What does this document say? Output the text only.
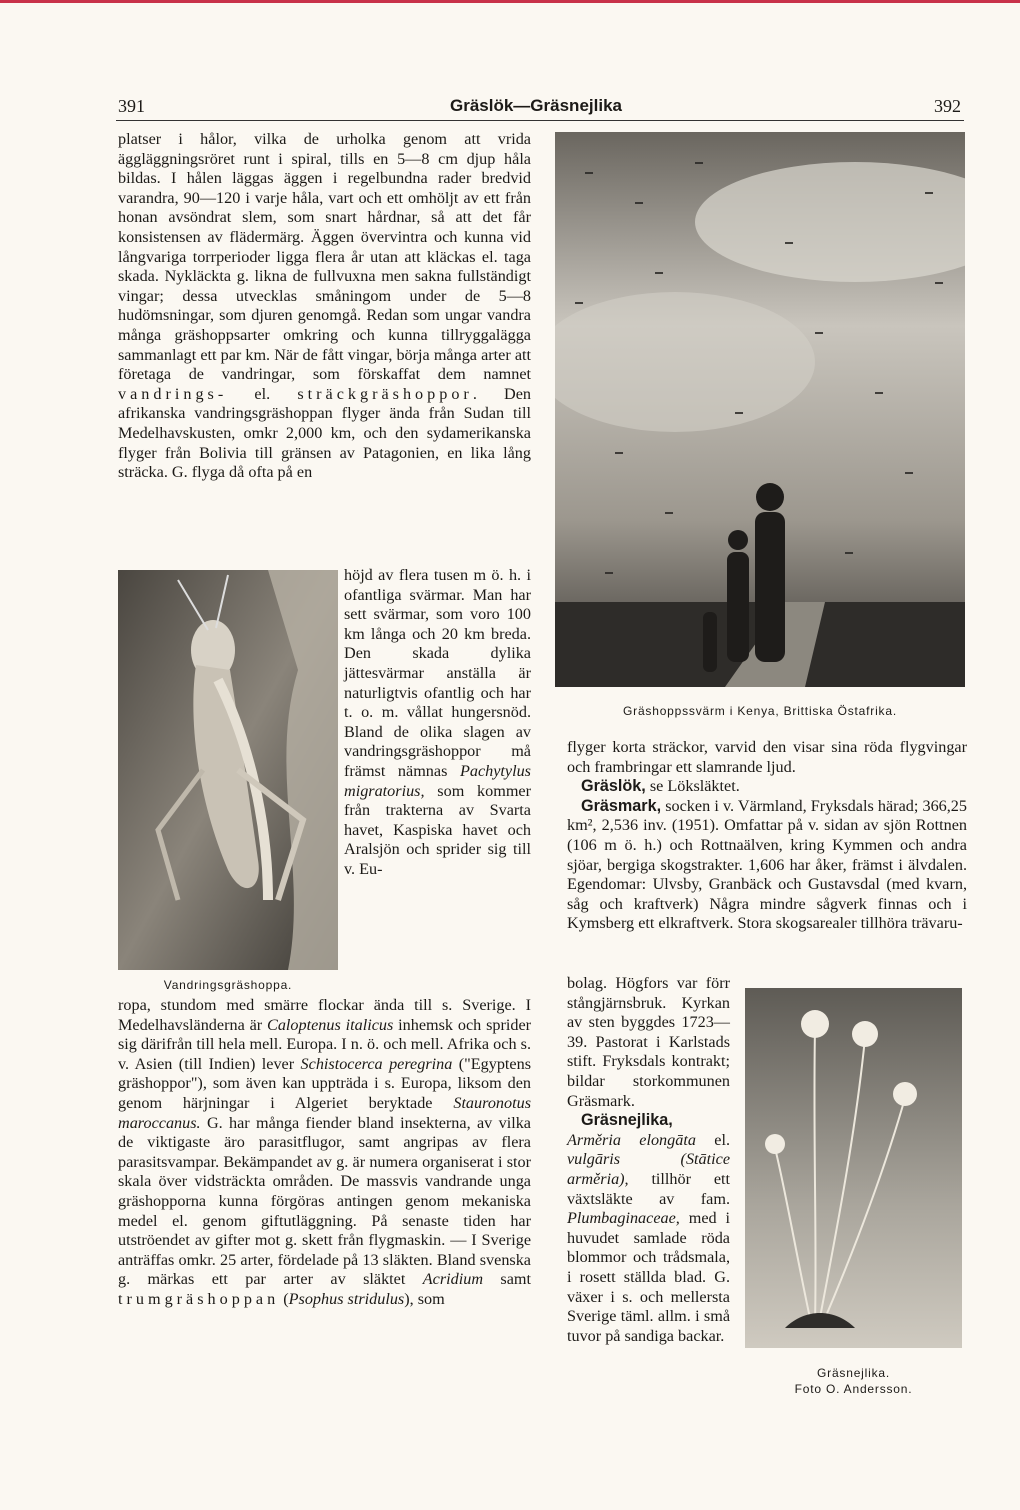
391	Gräslök—Gräsnejlika	392

platser i hålor, vilka de urholka genom att vrida äggläggningsröret runt i spiral, tills en 5—8 cm djup håla bildas. I hålen läggas äggen i regelbundna rader bredvid varandra, 90—120 i varje håla, vart och ett omhöljt av ett från honan avsöndrat slem, som snart hårdnar, så att det får konsistensen av flädermärg. Äggen övervintra och kunna vid långvariga torrperioder ligga flera år utan att kläckas el. taga skada. Nykläckta g. likna de fullvuxna men sakna fullständigt vingar; dessa utvecklas småningom under de 5—8 hudömsningar, som djuren genomgå. Redan som ungar vandra många gräshoppsarter omkring och kunna tillryggalägga sammanlagt ett par km. När de fått vingar, börja många arter att företaga de vandringar, som förskaffat dem namnet vandrings- el. sträckgräshoppor. Den afrikanska vandringsgräshoppan flyger ända från Sudan till Medelhavskusten, omkr 2,000 km, och den sydamerikanska flyger från Bolivia till gränsen av Patagonien, en lika lång sträcka. G. flyga då ofta på en

Vandringsgräshoppa.

höjd av flera tusen m ö. h. i ofantliga svärmar. Man har sett svärmar, som voro 100 km långa och 20 km breda. Den skada dylika jättesvärmar anställa är naturligtvis ofantlig och har t. o. m. vållat hungersnöd. Bland de olika slagen av vandringsgräshoppor må främst nämnas Pachytylus migratorius, som kommer från trakterna av Svarta havet, Kaspiska havet och Aralsjön och sprider sig till v. Eu-

ropa, stundom med smärre flockar ända till s. Sverige. I Medelhavsländerna är Caloptenus italicus inhemsk och sprider sig därifrån till hela mell. Europa. I n. ö. och mell. Afrika och s. v. Asien (till Indien) lever Schistocerca peregrina ("Egyptens gräshoppor"), som även kan uppträda i s. Europa, liksom den genom härjningar i Algeriet beryktade Stauronotus maroccanus. G. har många fiender bland insekterna, av vilka de viktigaste äro parasitflugor, samt angripas av flera parasitsvampar. Bekämpandet av g. är numera organiserat i stor skala över vidsträckta områden. De massvis vandrande unga gräshopporna kunna förgöras antingen genom mekaniska medel el. genom giftutläggning. På senaste tiden har utströendet av gifter mot g. skett från flygmaskin. — I Sverige anträffas omkr. 25 arter, fördelade på 13 släkten. Bland svenska g. märkas ett par arter av släktet Acridium samt trumgräshoppan (Psophus stridulus), som

Gräshoppssvärm i Kenya, Brittiska Östafrika.

flyger korta sträckor, varvid den visar sina röda flygvingar och frambringar ett slamrande ljud.

Gräslök, se Löksläktet.

Gräsmark, socken i v. Värmland, Fryksdals härad; 366,25 km², 2,536 inv. (1951). Omfattar på v. sidan av sjön Rottnen (106 m ö. h.) och Rottnaälven, kring Kymmen och andra sjöar, bergiga skogstrakter. 1,606 har åker, främst i älvdalen. Egendomar: Ulvsby, Granbäck och Gustavsdal (med kvarn, såg och kraftverk) Några mindre sågverk finnas och i Kymsberg ett elkraftverk. Stora skogsarealer tillhöra trävaru-

bolag. Högfors var förr stångjärnsbruk. Kyrkan av sten byggdes 1723—39. Pastorat i Karlstads stift. Fryksdals kontrakt; bildar storkommunen Gräsmark.

Gräsnejlika, Arměria elongāta el. vulgāris (Stātice arměria), tillhör ett växtsläkte av fam. Plumbaginaceae, med i huvudet samlade röda blommor och trådsmala, i rosett ställda blad. G. växer i s. och mellersta Sverige täml. allm. i små tuvor på sandiga backar.

Gräsnejlika.
Foto O. Andersson.
